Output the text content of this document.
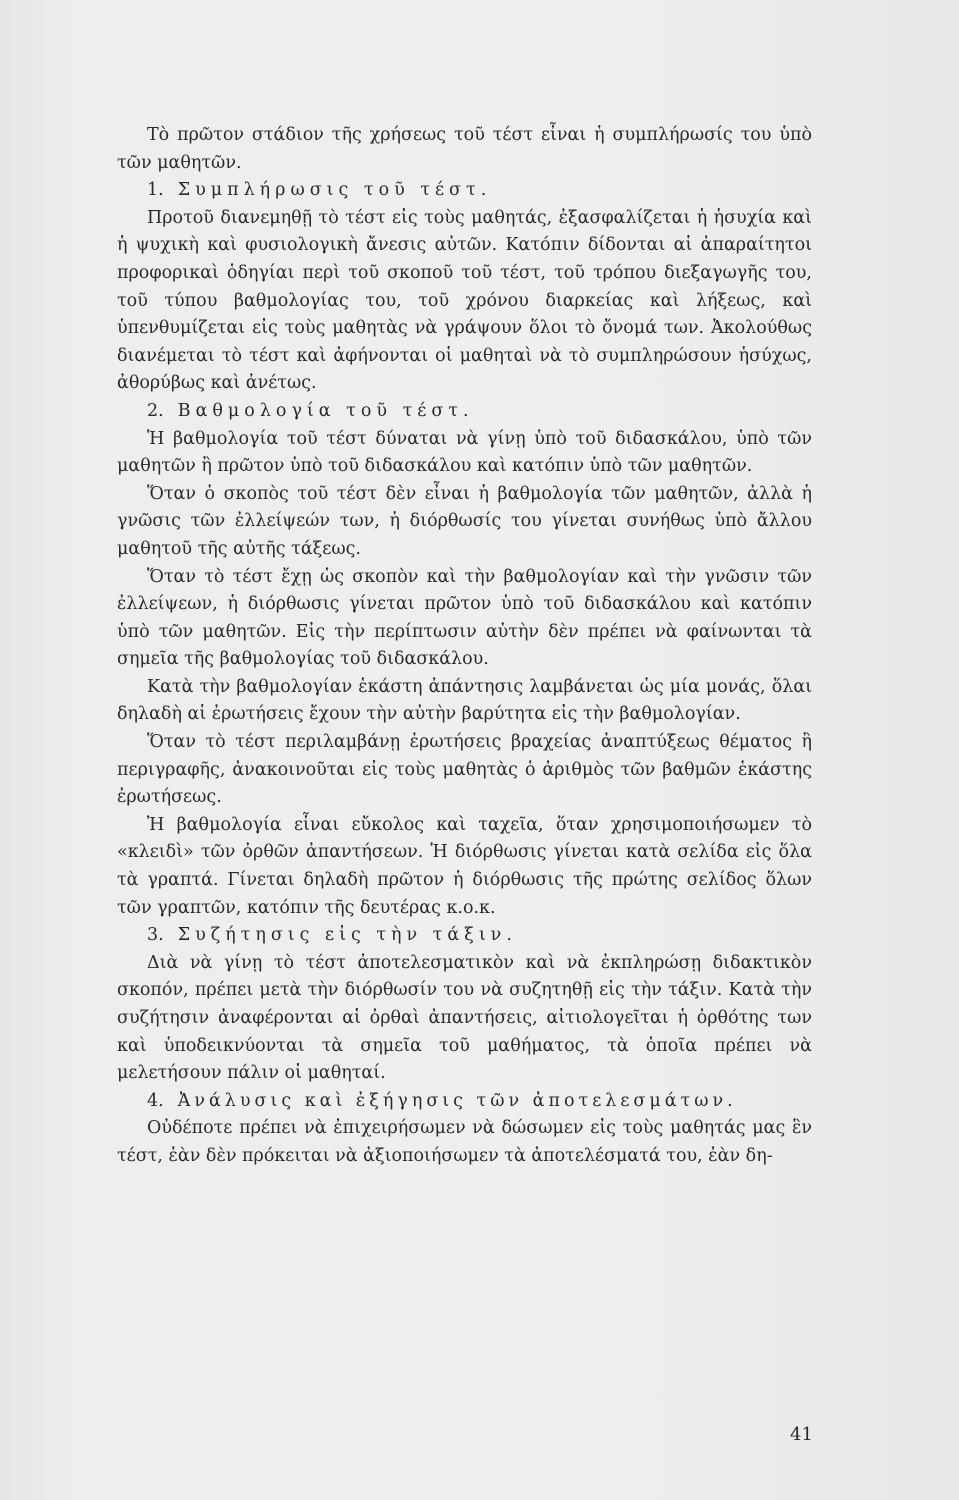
Τὸ πρῶτον στάδιον τῆς χρήσεως τοῦ τέστ εἶναι ἡ συμπλήρωσίς του ὑπὸ τῶν μαθητῶν.

1. Συμπλήρωσις τοῦ τέστ.

Προτοῦ διανεμηθῇ τὸ τέστ εἰς τοὺς μαθητάς, ἐξασφαλίζεται ἡ ἡσυχία καὶ ἡ ψυχικὴ καὶ φυσιολογικὴ ἄνεσις αὐτῶν. Κατόπιν δίδονται αἱ ἀπαραίτητοι προφορικαὶ ὁδηγίαι περὶ τοῦ σκοποῦ τοῦ τέστ, τοῦ τρόπου διεξαγωγῆς του, τοῦ τύπου βαθμολογίας του, τοῦ χρόνου διαρκείας καὶ λήξεως, καὶ ὑπενθυμίζεται εἰς τοὺς μαθητὰς νὰ γράψουν ὅλοι τὸ ὄνομά των. Ἀκολούθως διανέμεται τὸ τέστ καὶ ἀφήνονται οἱ μαθηταὶ νὰ τὸ συμπληρώσουν ἡσύχως, ἀθορύβως καὶ ἀνέτως.

2. Βαθμολογία τοῦ τέστ.

Ἡ βαθμολογία τοῦ τέστ δύναται νὰ γίνῃ ὑπὸ τοῦ διδασκάλου, ὑπὸ τῶν μαθητῶν ἢ πρῶτον ὑπὸ τοῦ διδασκάλου καὶ κατόπιν ὑπὸ τῶν μαθητῶν.

Ὅταν ὁ σκοπὸς τοῦ τέστ δὲν εἶναι ἡ βαθμολογία τῶν μαθητῶν, ἀλλὰ ἡ γνῶσις τῶν ἐλλείψεών των, ἡ διόρθωσίς του γίνεται συνήθως ὑπὸ ἄλλου μαθητοῦ τῆς αὐτῆς τάξεως.

Ὅταν τὸ τέστ ἔχῃ ὡς σκοπὸν καὶ τὴν βαθμολογίαν καὶ τὴν γνῶσιν τῶν ἐλλείψεων, ἡ διόρθωσις γίνεται πρῶτον ὑπὸ τοῦ διδασκάλου καὶ κατόπιν ὑπὸ τῶν μαθητῶν. Εἰς τὴν περίπτωσιν αὐτὴν δὲν πρέπει νὰ φαίνωνται τὰ σημεῖα τῆς βαθμολογίας τοῦ διδασκάλου.

Κατὰ τὴν βαθμολογίαν ἑκάστη ἀπάντησις λαμβάνεται ὡς μία μονάς, ὅλαι δηλαδὴ αἱ ἐρωτήσεις ἔχουν τὴν αὐτὴν βαρύτητα εἰς τὴν βαθμολογίαν.

Ὅταν τὸ τέστ περιλαμβάνῃ ἐρωτήσεις βραχείας ἀναπτύξεως θέματος ἢ περιγραφῆς, ἀνακοινοῦται εἰς τοὺς μαθητὰς ὁ ἀριθμὸς τῶν βαθμῶν ἑκάστης ἐρωτήσεως.

Ἡ βαθμολογία εἶναι εὔκολος καὶ ταχεῖα, ὅταν χρησιμοποιήσωμεν τὸ «κλειδὶ» τῶν ὀρθῶν ἀπαντήσεων. Ἡ διόρθωσις γίνεται κατὰ σελίδα εἰς ὅλα τὰ γραπτά. Γίνεται δηλαδὴ πρῶτον ἡ διόρθωσις τῆς πρώτης σελίδος ὅλων τῶν γραπτῶν, κατόπιν τῆς δευτέρας κ.ο.κ.

3. Συζήτησις εἰς τὴν τάξιν.

Διὰ νὰ γίνῃ τὸ τέστ ἀποτελεσματικὸν καὶ νὰ ἐκπληρώσῃ διδακτικὸν σκοπόν, πρέπει μετὰ τὴν διόρθωσίν του νὰ συζητηθῇ εἰς τὴν τάξιν. Κατὰ τὴν συζήτησιν ἀναφέρονται αἱ ὀρθαὶ ἀπαντήσεις, αἰτιολογεῖται ἡ ὀρθότης των καὶ ὑποδεικνύονται τὰ σημεῖα τοῦ μαθήματος, τὰ ὁποῖα πρέπει νὰ μελετήσουν πάλιν οἱ μαθηταί.

4. Ἀνάλυσις καὶ ἐξήγησις τῶν ἀποτελεσμάτων.

Οὐδέποτε πρέπει νὰ ἐπιχειρήσωμεν νὰ δώσωμεν εἰς τοὺς μαθητάς μας ἓν τέστ, ἐὰν δὲν πρόκειται νὰ ἀξιοποιήσωμεν τὰ ἀποτελέσματά του, ἐὰν δη-

41
